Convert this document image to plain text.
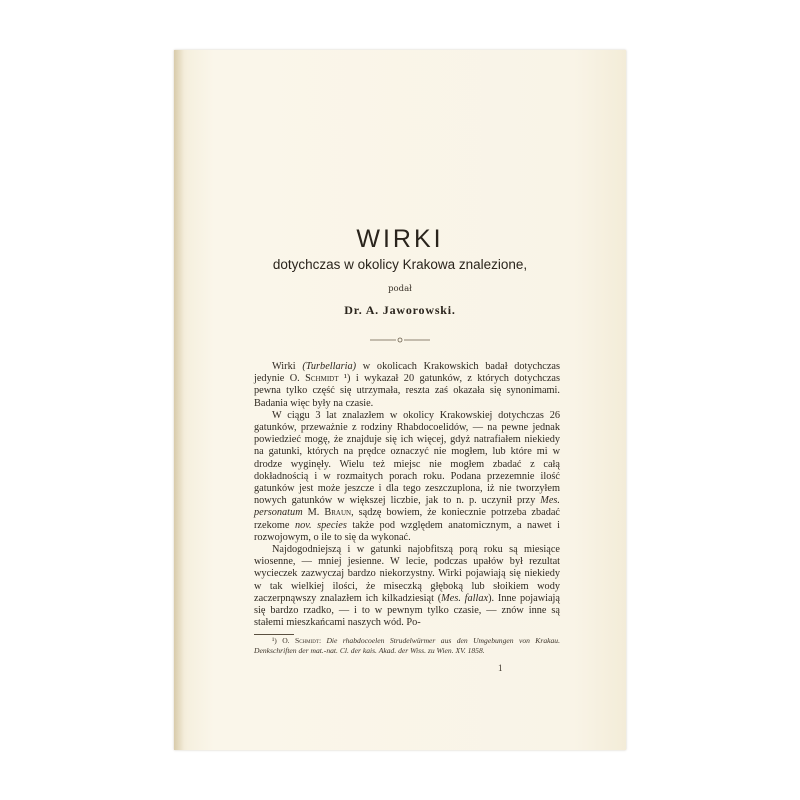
WIRKI
dotychczas w okolicy Krakowa znalezione,
podał
Dr. A. Jaworowski.

Wirki (Turbellaria) w okolicach Krakowskich badał dotychczas jedynie O. Schmidt ¹) i wykazał 20 gatunków, z których dotychczas pewna tylko część się utrzymała, reszta zaś okazała się synonimami. Badania więc były na czasie.

W ciągu 3 lat znalazłem w okolicy Krakowskiej dotychczas 26 gatunków, przeważnie z rodziny Rhabdocoelidów, — na pewne jednak powiedzieć mogę, że znajduje się ich więcej, gdyż natrafiałem niekiedy na gatunki, których na prędce oznaczyć nie mogłem, lub które mi w drodze wyginęły. Wielu też miejsc nie mogłem zbadać z całą dokładnością i w rozmaitych porach roku. Podana przezemnie ilość gatunków jest może jeszcze i dla tego zeszczuplona, iż nie tworzyłem nowych gatunków w większej liczbie, jak to n. p. uczynił przy Mes. personatum M. Braun, sądzę bowiem, że koniecznie potrzeba zbadać rzekome nov. species także pod względem anatomicznym, a nawet i rozwojowym, o ile to się da wykonać.

Najdogodniejszą i w gatunki najobfitszą porą roku są miesiące wiosenne, — mniej jesienne. W lecie, podczas upałów był rezultat wycieczek zazwyczaj bardzo niekorzystny. Wirki pojawiają się niekiedy w tak wielkiej ilości, że miseczką głęboką lub słoikiem wody zaczerpnąwszy znalazłem ich kilkadziesiąt (Mes. fallax). Inne pojawiają się bardzo rzadko, — i to w pewnym tylko czasie, — znów inne są stałemi mieszkańcami naszych wód. Po-

¹) O. Schmidt: Die rhabdocoelen Strudelwürmer aus den Umgebungen von Krakau. Denkschriften der mat.-nat. Cl. der kais. Akad. der Wiss. zu Wien. XV. 1858.

1
